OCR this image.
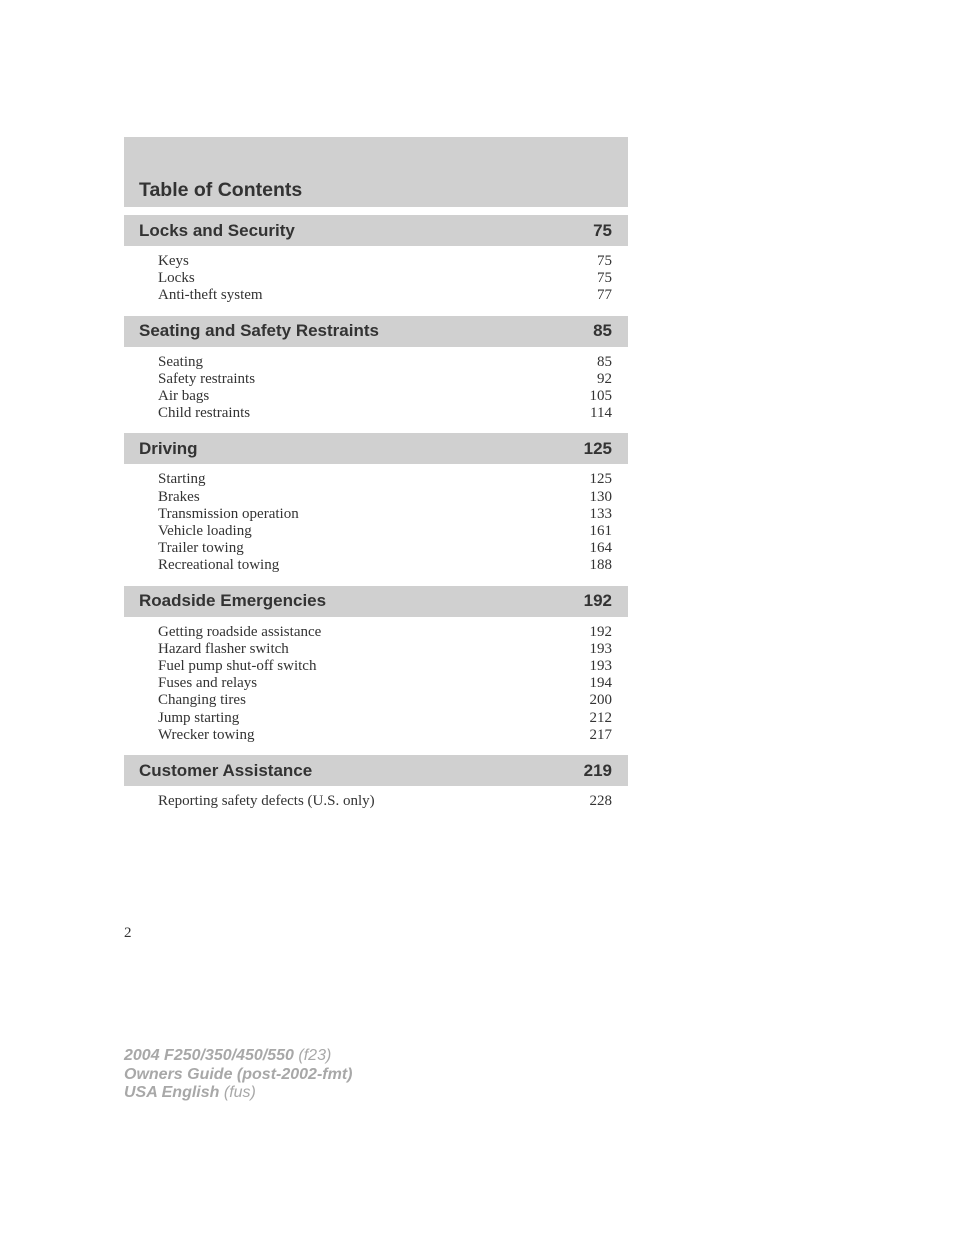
Table of Contents
Locks and Security	75
Keys	75
Locks	75
Anti-theft system	77
Seating and Safety Restraints	85
Seating	85
Safety restraints	92
Air bags	105
Child restraints	114
Driving	125
Starting	125
Brakes	130
Transmission operation	133
Vehicle loading	161
Trailer towing	164
Recreational towing	188
Roadside Emergencies	192
Getting roadside assistance	192
Hazard flasher switch	193
Fuel pump shut-off switch	193
Fuses and relays	194
Changing tires	200
Jump starting	212
Wrecker towing	217
Customer Assistance	219
Reporting safety defects (U.S. only)	228
2
2004 F250/350/450/550 (f23)
Owners Guide (post-2002-fmt)
USA English (fus)
